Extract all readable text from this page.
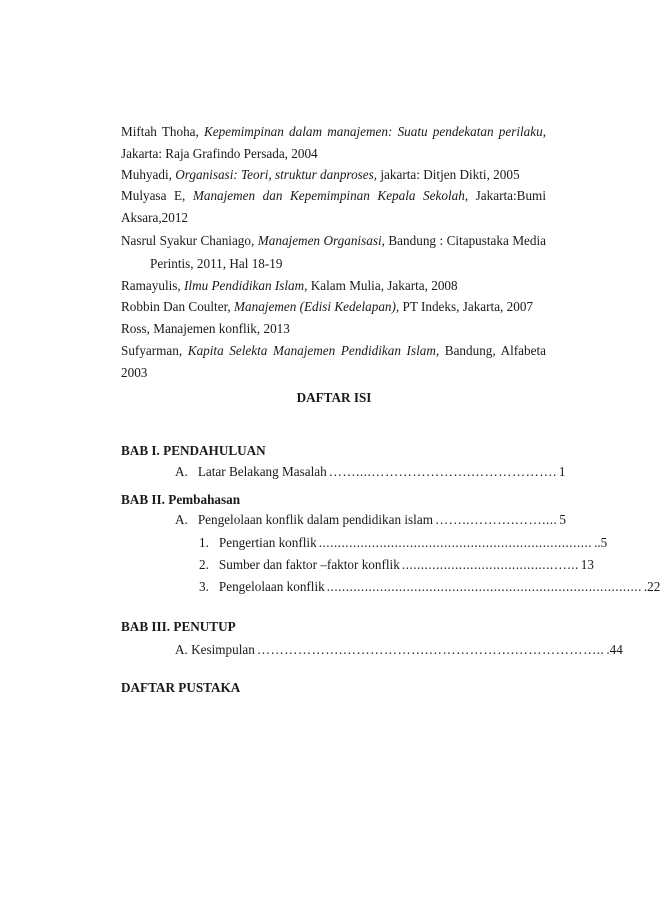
Miftah Thoha, Kepemimpinan dalam manajemen: Suatu pendekatan perilaku,
Jakarta: Raja Grafindo Persada, 2004
Muhyadi, Organisasi: Teori, struktur danproses, jakarta: Ditjen Dikti, 2005
Mulyasa E, Manajemen dan Kepemimpinan Kepala Sekolah, Jakarta:Bumi
Aksara,2012
Nasrul Syakur Chaniago, Manajemen Organisasi, Bandung : Citapustaka Media
Perintis, 2011, Hal 18-19
Ramayulis, Ilmu Pendidikan Islam, Kalam Mulia, Jakarta, 2008
Robbin Dan Coulter, Manajemen (Edisi Kedelapan), PT Indeks, Jakarta, 2007
Ross, Manajemen konflik, 2013
Sufyarman, Kapita Selekta Manajemen Pendidikan Islam, Bandung, Alfabeta
2003
DAFTAR ISI
BAB I. PENDAHULUAN
A. Latar Belakang Masalah ……....………………….………………. 1
BAB II. Pembahasan
A. Pengelolaan konflik dalam pendidikan islam ……..……….…….... 5
1. Pengertian konflik ........................................................................ ..5
2. Sumber dan faktor –faktor konflik ........................................…... 13
3. Pengelolaan konflik ................................................................................... .22
BAB III. PENUTUP
A. Kesimpulan ……………….……………….……………….……………….. .44
DAFTAR PUSTAKA
